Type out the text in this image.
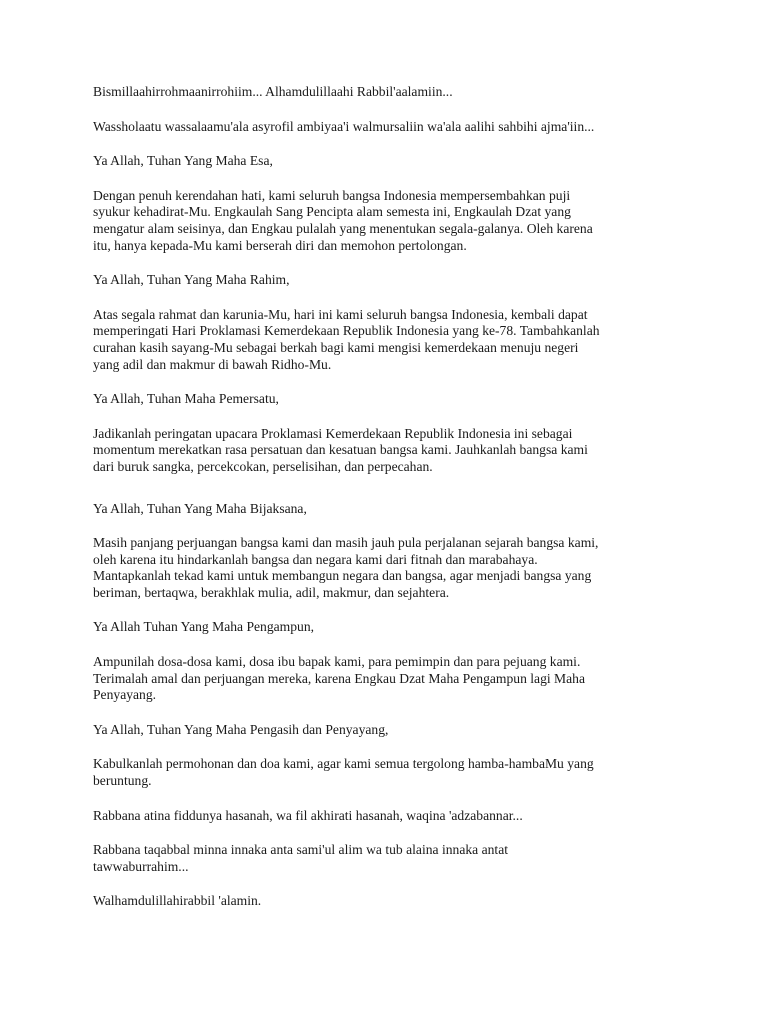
Bismillaahirrohmaanirrohiim... Alhamdulillaahi Rabbil'aalamiin...

Wassholaatu wassalaamu'ala asyrofil ambiyaa'i walmursaliin wa'ala aalihi sahbihi ajma'iin...

Ya Allah, Tuhan Yang Maha Esa,

Dengan penuh kerendahan hati, kami seluruh bangsa Indonesia mempersembahkan puji
syukur kehadirat-Mu. Engkaulah Sang Pencipta alam semesta ini, Engkaulah Dzat yang
mengatur alam seisinya, dan Engkau pulalah yang menentukan segala-galanya. Oleh karena
itu, hanya kepada-Mu kami berserah diri dan memohon pertolongan.

Ya Allah, Tuhan Yang Maha Rahim,

Atas segala rahmat dan karunia-Mu, hari ini kami seluruh bangsa Indonesia, kembali dapat
memperingati Hari Proklamasi Kemerdekaan Republik Indonesia yang ke-78. Tambahkanlah
curahan kasih sayang-Mu sebagai berkah bagi kami mengisi kemerdekaan menuju negeri
yang adil dan makmur di bawah Ridho-Mu.

Ya Allah, Tuhan Maha Pemersatu,

Jadikanlah peringatan upacara Proklamasi Kemerdekaan Republik Indonesia ini sebagai
momentum merekatkan rasa persatuan dan kesatuan bangsa kami. Jauhkanlah bangsa kami
dari buruk sangka, percekcokan, perselisihan, dan perpecahan.

Ya Allah, Tuhan Yang Maha Bijaksana,

Masih panjang perjuangan bangsa kami dan masih jauh pula perjalanan sejarah bangsa kami,
oleh karena itu hindarkanlah bangsa dan negara kami dari fitnah dan marabahaya.
Mantapkanlah tekad kami untuk membangun negara dan bangsa, agar menjadi bangsa yang
beriman, bertaqwa, berakhlak mulia, adil, makmur, dan sejahtera.

Ya Allah Tuhan Yang Maha Pengampun,

Ampunilah dosa-dosa kami, dosa ibu bapak kami, para pemimpin dan para pejuang kami.
Terimalah amal dan perjuangan mereka, karena Engkau Dzat Maha Pengampun lagi Maha
Penyayang.

Ya Allah, Tuhan Yang Maha Pengasih dan Penyayang,

Kabulkanlah permohonan dan doa kami, agar kami semua tergolong hamba-hambaMu yang
beruntung.

Rabbana atina fiddunya hasanah, wa fil akhirati hasanah, waqina 'adzabannar...

Rabbana taqabbal minna innaka anta sami'ul alim wa tub alaina innaka antat
tawwaburrahim...

Walhamdulillahirabbil 'alamin.
